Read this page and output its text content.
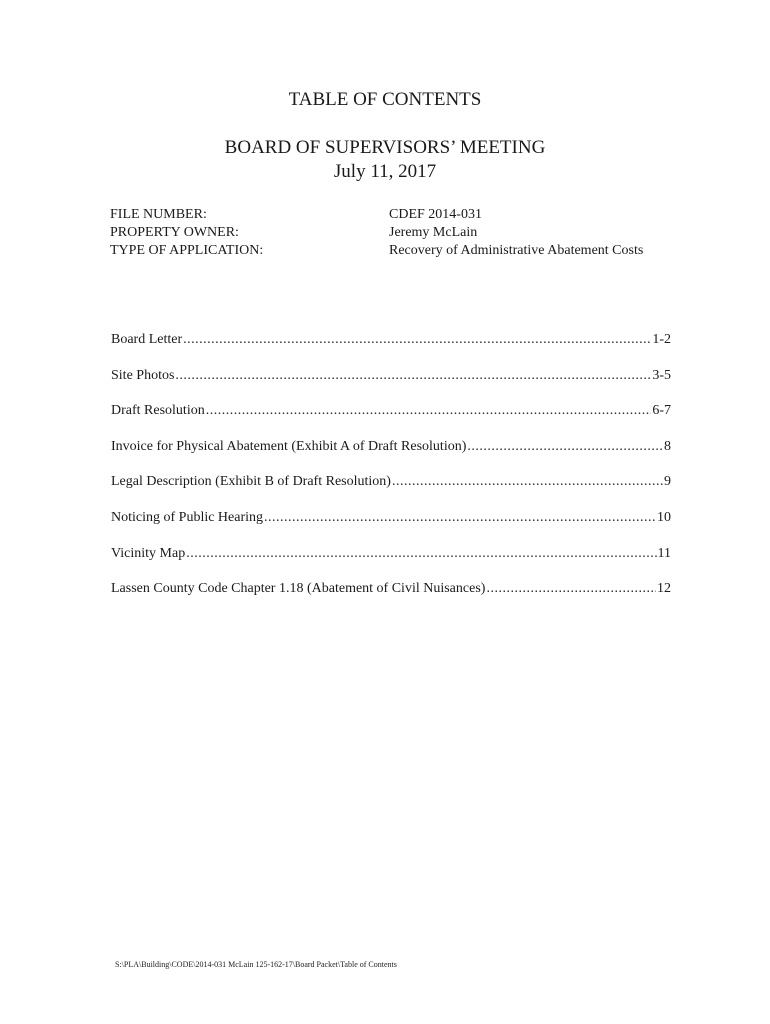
TABLE OF CONTENTS
BOARD OF SUPERVISORS’ MEETING
July 11, 2017
FILE NUMBER:	CDEF 2014-031
PROPERTY OWNER:	Jeremy McLain
TYPE OF APPLICATION:	Recovery of Administrative Abatement Costs
Board Letter .....	1-2
Site Photos .....	3-5
Draft Resolution .....	6-7
Invoice for Physical Abatement (Exhibit A of Draft Resolution) .....	8
Legal Description (Exhibit B of Draft Resolution) .....	9
Noticing of Public Hearing .....	10
Vicinity Map .....	11
Lassen County Code Chapter 1.18 (Abatement of Civil Nuisances) .....	12
S:\PLA\Building\CODE\2014-031 McLain 125-162-17\Board Packet\Table of Contents
